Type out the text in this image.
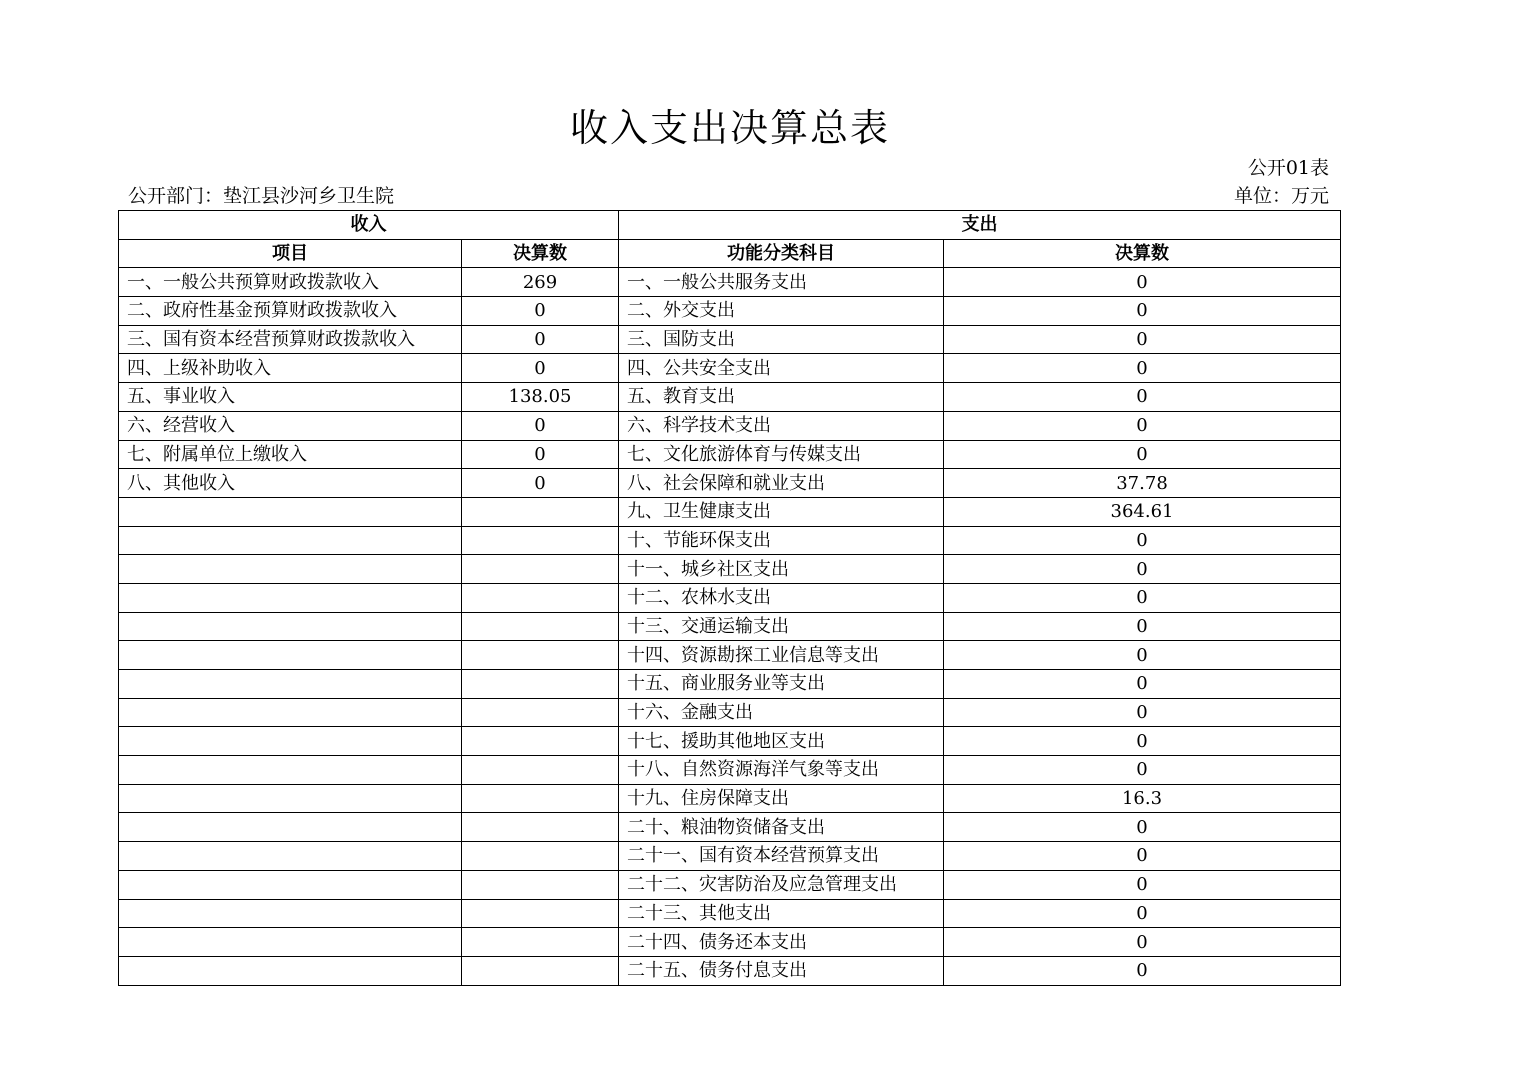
收入支出决算总表
公开01表
公开部门：垫江县沙河乡卫生院	单位：万元
收入		支出	
项目	决算数	功能分类科目	决算数
一、一般公共预算财政拨款收入	269	一、一般公共服务支出	0
二、政府性基金预算财政拨款收入	0	二、外交支出	0
三、国有资本经营预算财政拨款收入	0	三、国防支出	0
四、上级补助收入	0	四、公共安全支出	0
五、事业收入	138.05	五、教育支出	0
六、经营收入	0	六、科学技术支出	0
七、附属单位上缴收入	0	七、文化旅游体育与传媒支出	0
八、其他收入	0	八、社会保障和就业支出	37.78
		九、卫生健康支出	364.61
		十、节能环保支出	0
		十一、城乡社区支出	0
		十二、农林水支出	0
		十三、交通运输支出	0
		十四、资源勘探工业信息等支出	0
		十五、商业服务业等支出	0
		十六、金融支出	0
		十七、援助其他地区支出	0
		十八、自然资源海洋气象等支出	0
		十九、住房保障支出	16.3
		二十、粮油物资储备支出	0
		二十一、国有资本经营预算支出	0
		二十二、灾害防治及应急管理支出	0
		二十三、其他支出	0
		二十四、债务还本支出	0
		二十五、债务付息支出	0
